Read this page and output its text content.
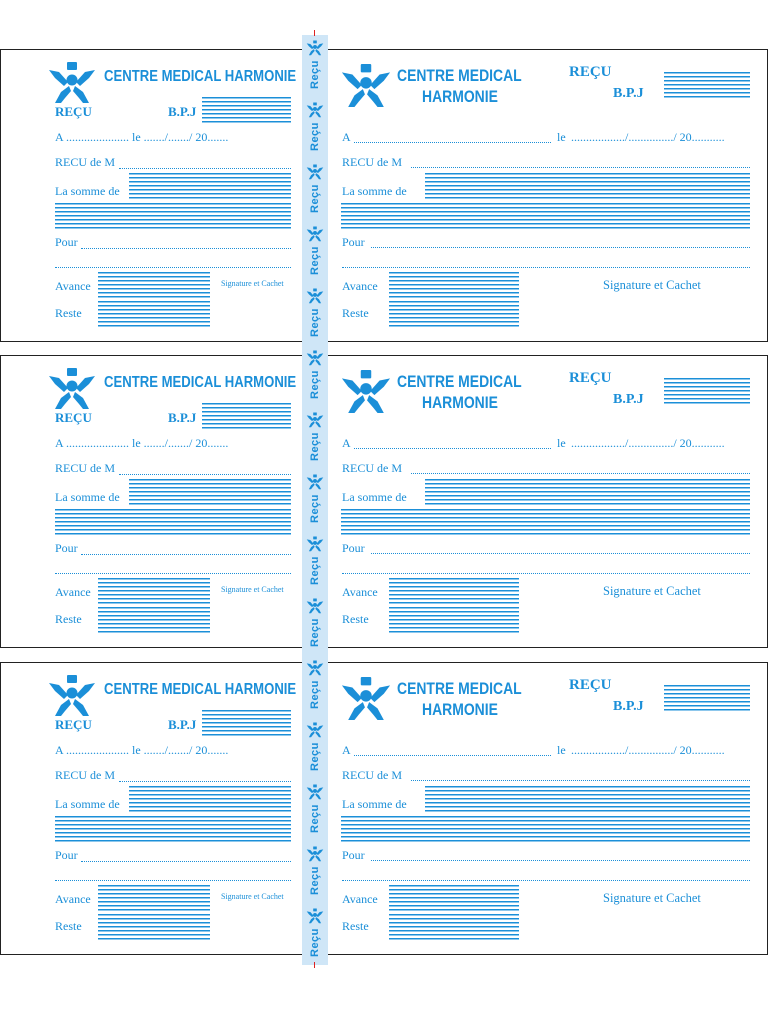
CENTRE MEDICAL HARMONIE
REÇU	B.P.J
A ..................... le ......./......./ 20.......
RECU de M
La somme de
Pour
Avance	Signature et Cachet
Reste
CENTRE MEDICAL
HARMONIE
REÇU
B.P.J
A	le ................../.............../ 20...........
RECU de M
La somme de
Pour
Avance	Signature et Cachet
Reste
CENTRE MEDICAL HARMONIE
REÇU	B.P.J
A ..................... le ......./......./ 20.......
RECU de M
La somme de
Pour
Avance	Signature et Cachet
Reste
CENTRE MEDICAL
HARMONIE
REÇU
B.P.J
A	le ................../.............../ 20...........
RECU de M
La somme de
Pour
Avance	Signature et Cachet
Reste
CENTRE MEDICAL HARMONIE
REÇU	B.P.J
A ..................... le ......./......./ 20.......
RECU de M
La somme de
Pour
Avance	Signature et Cachet
Reste
CENTRE MEDICAL
HARMONIE
REÇU
B.P.J
A	le ................../.............../ 20...........
RECU de M
La somme de
Pour
Avance	Signature et Cachet
Reste
Reçu
Reçu
Reçu
Reçu
Reçu
Reçu
Reçu
Reçu
Reçu
Reçu
Reçu
Reçu
Reçu
Reçu
Reçu
